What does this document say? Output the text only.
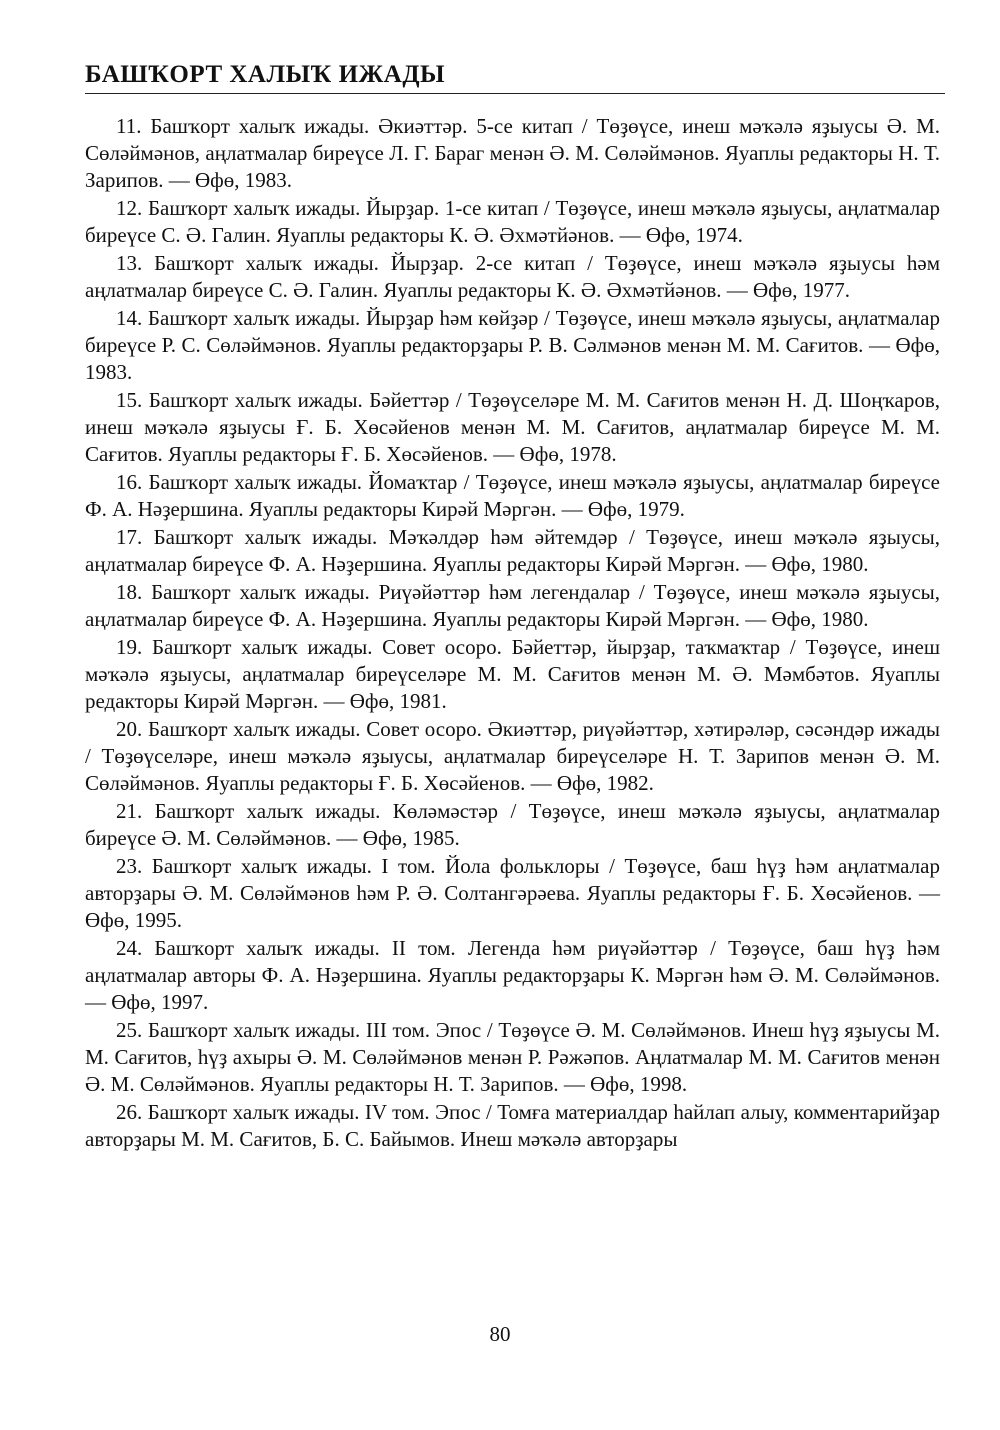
БАШҠОРТ ХАЛЫҠ ИЖАДЫ

11. Башҡорт халыҡ ижады. Әкиәттәр. 5-се китап / Төҙөүсе, инеш мәҡәлә яҙыусы Ә. М. Сөләймәнов, аңлатмалар биреүсе Л. Г. Бараг менән Ә. М. Сөләймәнов. Яуаплы редакторы Н. Т. Зарипов. — Өфө, 1983.

12. Башҡорт халыҡ ижады. Йырҙар. 1-се китап / Төҙөүсе, инеш мәҡәлә яҙыусы, аңлатмалар биреүсе С. Ә. Галин. Яуаплы редакторы К. Ә. Әхмәтйәнов. — Өфө, 1974.

13. Башҡорт халыҡ ижады. Йырҙар. 2-се китап / Төҙөүсе, инеш мәҡәлә яҙыусы һәм аңлатмалар биреүсе С. Ә. Галин. Яуаплы редакторы К. Ә. Әхмәтйәнов. — Өфө, 1977.

14. Башҡорт халыҡ ижады. Йырҙар һәм көйҙәр / Төҙөүсе, инеш мәҡәлә яҙыусы, аңлатмалар биреүсе Р. С. Сөләймәнов. Яуаплы редакторҙары Р. В. Сәлмәнов менән М. М. Сағитов. — Өфө, 1983.

15. Башҡорт халыҡ ижады. Бәйеттәр / Төҙөүселәре М. М. Сағитов менән Н. Д. Шоңҡаров, инеш мәҡәлә яҙыусы Ғ. Б. Хөсәйенов менән М. М. Сағитов, аңлатмалар биреүсе М. М. Сағитов. Яуаплы редакторы Ғ. Б. Хөсәйенов. — Өфө, 1978.

16. Башҡорт халыҡ ижады. Йомаҡтар / Төҙөүсе, инеш мәҡәлә яҙыусы, аңлатмалар биреүсе Ф. А. Нәҙершина. Яуаплы редакторы Кирәй Мәргән. — Өфө, 1979.

17. Башҡорт халыҡ ижады. Мәҡәлдәр һәм әйтемдәр / Төҙөүсе, инеш мәҡәлә яҙыусы, аңлатмалар биреүсе Ф. А. Нәҙершина. Яуаплы редакторы Кирәй Мәргән. — Өфө, 1980.

18. Башҡорт халыҡ ижады. Риүәйәттәр һәм легендалар / Төҙөүсе, инеш мәҡәлә яҙыусы, аңлатмалар биреүсе Ф. А. Нәҙершина. Яуаплы редакторы Кирәй Мәргән. — Өфө, 1980.

19. Башҡорт халыҡ ижады. Совет осоро. Бәйеттәр, йырҙар, таҡмаҡтар / Төҙөүсе, инеш мәҡәлә яҙыусы, аңлатмалар биреүселәре М. М. Сағитов менән М. Ә. Мәмбәтов. Яуаплы редакторы Кирәй Мәргән. — Өфө, 1981.

20. Башҡорт халыҡ ижады. Совет осоро. Әкиәттәр, риүәйәттәр, хәтирәләр, сәсәндәр ижады / Төҙөүселәре, инеш мәҡәлә яҙыусы, аңлатмалар биреүселәре Н. Т. Зарипов менән Ә. М. Сөләймәнов. Яуаплы редакторы Ғ. Б. Хөсәйенов. — Өфө, 1982.

21. Башҡорт халыҡ ижады. Көләмәстәр / Төҙөүсе, инеш мәҡәлә яҙыусы, аңлатмалар биреүсе Ә. М. Сөләймәнов. — Өфө, 1985.

23. Башҡорт халыҡ ижады. I том. Йола фольклоры / Төҙөүсе, баш һүҙ һәм аңлатмалар авторҙары Ә. М. Сөләймәнов һәм Р. Ә. Солтангәрәева. Яуаплы редакторы Ғ. Б. Хөсәйенов. — Өфө, 1995.

24. Башҡорт халыҡ ижады. II том. Легенда һәм риүәйәттәр / Төҙөүсе, баш һүҙ һәм аңлатмалар авторы Ф. А. Нәҙершина. Яуаплы редакторҙары К. Мәргән һәм Ә. М. Сөләймәнов. — Өфө, 1997.

25. Башҡорт халыҡ ижады. III том. Эпос / Төҙөүсе Ә. М. Сөләймәнов. Инеш һүҙ яҙыусы М. М. Сағитов, һүҙ ахыры Ә. М. Сөләймәнов менән Р. Рәжәпов. Аңлатмалар М. М. Сағитов менән Ә. М. Сөләймәнов. Яуаплы редакторы Н. Т. Зарипов. — Өфө, 1998.

26. Башҡорт халыҡ ижады. IV том. Эпос / Томға материалдар һайлап алыу, комментарийҙар авторҙары М. М. Сағитов, Б. С. Байымов. Инеш мәҡәлә авторҙары

80
